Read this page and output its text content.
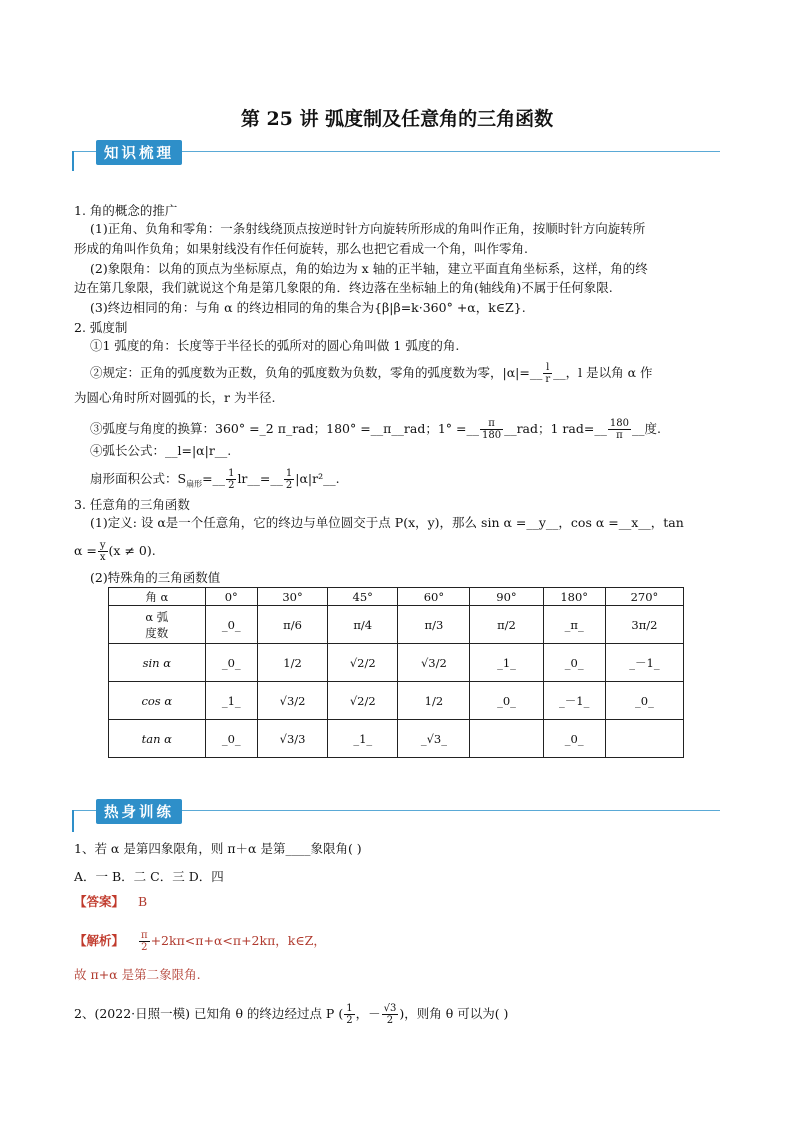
第 25 讲 弧度制及任意角的三角函数
知识梳理
1. 角的概念的推广
(1)正角、负角和零角：一条射线绕顶点按逆时针方向旋转所形成的角叫作正角，按顺时针方向旋转所
形成的角叫作负角；如果射线没有作任何旋转，那么也把它看成一个角，叫作零角.
(2)象限角：以角的顶点为坐标原点，角的始边为 x 轴的正半轴，建立平面直角坐标系，这样，角的终
边在第几象限，我们就说这个角是第几象限的角．终边落在坐标轴上的角(轴线角)不属于任何象限.
(3)终边相同的角：与角 α 的终边相同的角的集合为{β|β=k·360° +α，k∈Z}.
2. 弧度制
①1 弧度的角：长度等于半径长的弧所对的圆心角叫做 1 弧度的角.
②规定：正角的弧度数为正数，负角的弧度数为负数，零角的弧度数为零，|α|=__ $\frac{l}{r}$ __，l 是以角 α 作
为圆心角时所对圆弧的长，r 为半径.
③弧度与角度的换算：360° =_2 π_rad；180° =__π__rad；1° =__ $\frac{\pi}{180}$ __rad；1 rad=__ $\frac{180}{\pi}$ __度.
④弧长公式：__l=|α|r__.
扇形面积公式：$S_{扇形}=\_\_ \frac{1}{2}$ lr__=__ $\frac{1}{2}$ |α|r²__.
3. 任意角的三角函数
(1)定义: 设 α是一个任意角，它的终边与单位圆交于点 P(x，y)，那么 sin α =__y__，cos α =__x__，tan
$\alpha = \frac{y}{x} (x \ne 0)$.
(2)特殊角的三角函数值
角 α	0°	30°	45°	60°	90°	180°	270°

α 弧
度数	_0_	π/6	π/4	π/3	π/2	_π_	3π/2
sin α	_0_	1/2	√2/2	√3/2	_1_	_0_	_－1_
cos α	_1_	√3/2	√2/2	1/2	_0_	_－1_	_0_
tan α	_0_	√3/3	_1_	_√3_		_0_	
热身训练
1、若 α 是第四象限角，则 π＋α 是第____象限角( )
A．一 B．二 C．三 D．四
【答案】 B
【解析】 $\frac{\pi}{2} +2k\pi<\pi+\alpha<\pi+2k\pi$，k∈Z，
故 π+α 是第二象限角.
2、(2022·日照一模) 已知角 θ 的终边经过点 P ( $\frac{1}{2}$ ，－ $\frac{√3}{2}$ )，则角 θ 可以为( )
